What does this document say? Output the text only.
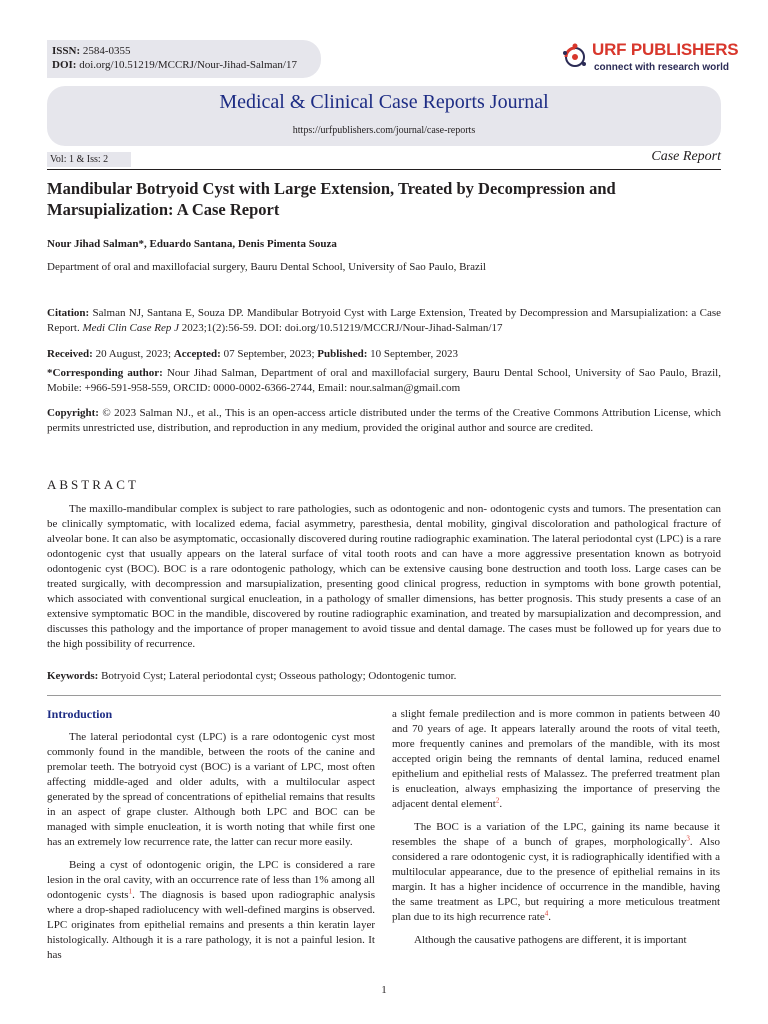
ISSN: 2584-0355
DOI: doi.org/10.51219/MCCRJ/Nour-Jihad-Salman/17
URF PUBLISHERS
connect with research world
Medical & Clinical Case Reports Journal
https://urfpublishers.com/journal/case-reports
Vol: 1 & Iss: 2	Case Report
Mandibular Botryoid Cyst with Large Extension, Treated by Decompression and Marsupialization: A Case Report
Nour Jihad Salman*, Eduardo Santana, Denis Pimenta Souza
Department of oral and maxillofacial surgery, Bauru Dental School, University of Sao Paulo, Brazil
Citation: Salman NJ, Santana E, Souza DP. Mandibular Botryoid Cyst with Large Extension, Treated by Decompression and Marsupialization: a Case Report. Medi Clin Case Rep J 2023;1(2):56-59. DOI: doi.org/10.51219/MCCRJ/Nour-Jihad-Salman/17
Received: 20 August, 2023; Accepted: 07 September, 2023; Published: 10 September, 2023
*Corresponding author: Nour Jihad Salman, Department of oral and maxillofacial surgery, Bauru Dental School, University of Sao Paulo, Brazil, Mobile: +966-591-958-559, ORCID: 0000-0002-6366-2744, Email: nour.salman@gmail.com
Copyright: © 2023 Salman NJ., et al., This is an open-access article distributed under the terms of the Creative Commons Attribution License, which permits unrestricted use, distribution, and reproduction in any medium, provided the original author and source are credited.
ABSTRACT
The maxillo-mandibular complex is subject to rare pathologies, such as odontogenic and non- odontogenic cysts and tumors. The presentation can be clinically symptomatic, with localized edema, facial asymmetry, paresthesia, dental mobility, gingival discoloration and pathological fracture of alveolar bone. It can also be asymptomatic, occasionally discovered during routine radiographic examination. The lateral periodontal cyst (LPC) is a rare odontogenic cyst that usually appears on the lateral surface of vital tooth roots and can have a more aggressive presentation known as botryoid odontogenic cyst (BOC). BOC is a rare odontogenic pathology, which can be extensive causing bone destruction and tooth loss. Large cases can be treated surgically, with decompression and marsupialization, presenting good clinical progress, reduction in symptoms with bone growth potential, which associated with conventional surgical enucleation, in a pathology of smaller dimensions, has better prognosis. This study presents a case of an extensive symptomatic BOC in the mandible, discovered by routine radiographic examination, and treated by marsupialization and decompression, and discusses this pathology and the importance of proper management to avoid tissue and dental damage. The cases must be followed up for years due to the high possibility of recurrence.
Keywords: Botryoid Cyst; Lateral periodontal cyst; Osseous pathology; Odontogenic tumor.
Introduction

The lateral periodontal cyst (LPC) is a rare odontogenic cyst most commonly found in the mandible, between the roots of the canine and premolar teeth. The botryoid cyst (BOC) is a variant of LPC, most often affecting middle-aged and older adults, with a multilocular aspect generated by the spread of concentrations of epithelial remains that results in an aspect of grape cluster. Although both LPC and BOC can be managed with simple enucleation, it is worth noting that while first one has an extremely low recurrence rate, the latter can recur more easily.

Being a cyst of odontogenic origin, the LPC is considered a rare lesion in the oral cavity, with an occurrence rate of less than 1% among all odontogenic cysts$^1$. The diagnosis is based upon radiographic analysis where a drop-shaped radiolucency with well-defined margins is observed. LPC originates from epithelial remains and presents a thin keratin layer histologically. Although it is a rare pathology, it is not a painful lesion. It has

a slight female predilection and is more common in patients between 40 and 70 years of age. It appears laterally around the roots of vital teeth, more frequently canines and premolars of the mandible, with its most accepted origin being the remnants of dental lamina, reduced enamel epithelium and epithelial rests of Malassez. The preferred treatment plan is enucleation, always emphasizing the importance of preserving the adjacent dental element$^2$.

The BOC is a variation of the LPC, gaining its name because it resembles the shape of a bunch of grapes, morphologically$^3$. Also considered a rare odontogenic cyst, it is radiographically identified with a multilocular appearance, due to the presence of epithelial remains in its margin. It has a higher incidence of occurrence in the mandible, having the same treatment as LPC, but requiring a more meticulous treatment plan due to its high recurrence rate$^4$.

Although the causative pathogens are different, it is important

1
